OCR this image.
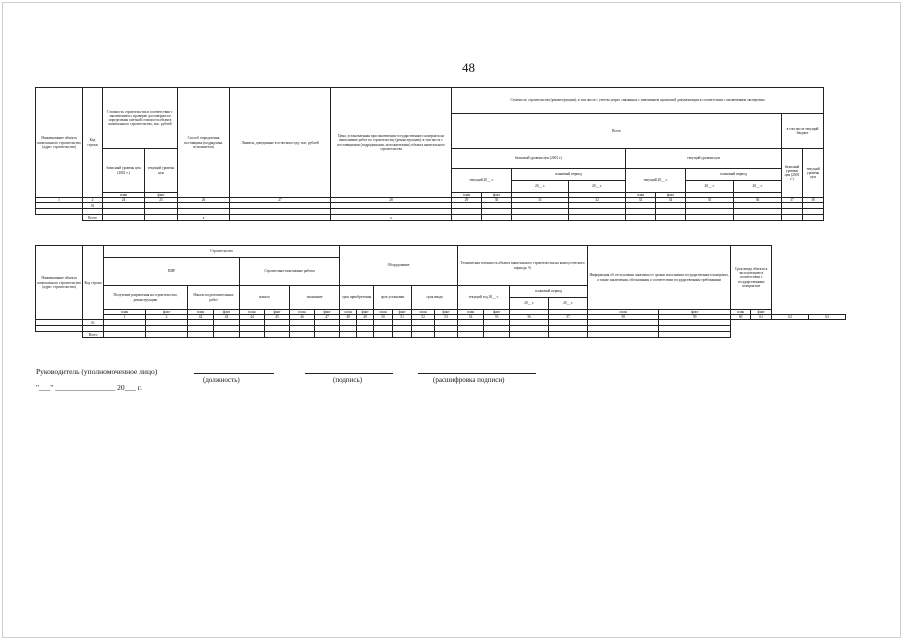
48
Наименование объекта капитального строительства (адрес строительства)	Код строки	Стоимость строительства в соответствии с заключением о проверке достоверности определения сметной стоимости объекта капитального строительства, тыс. рублей		Способ определения поставщика (подрядчика, исполнителя)	Лимиты, доведенные в отчетном году, тыс. рублей	Цена, установленная при заключении государственного контракта на выполнение работ по строительству (реконструкции), в том числе с поставщиками (подрядчиками, исполнителями) объекта капитального строительства	Стоимость строительства (реконструкции), в том числе с учетом затрат, связанных с изменением проектной документации в соответствии с заключением экспертизы									
							Всего								в том числе текущий бюджет	
		базисный уровень цен (2001 г.)	текущий уровень цен				базисный уровень цен (2001 г.)				текущий уровень цен				базисный уровень цен (2001 г.)	текущий уровень цен
							текущий 20__ г.		плановый период		текущий 20__ г.		плановый период			
									20__ г.	20__ г.			20__ г.	20__ г.		
		план	факт				план	факт			план	факт				
1	2	24	25	26	27	28	29	30	31	32	33	34	35	36	37	38
	01															

	Всего			x		x										
Наименование объекта капитального строительства (адрес строительства)	Код строки	Строительство								Оборудование						Техническая готовность объекта капитального строительства на конец отчетного периода, %				Информация об отступлении заказчика от сроков исполнения государственного контракта, а также заключения, обоснования о соответствии государственным требованиям		Срок ввода объекта в эксплуатацию в соответствии с государственным контрактом			
		ПИР				Строительно-монтажные работы																			
		Получение разрешения на строительство, реконструкцию		Начало подготовительных работ		начало		окончание		срок приобретения		срок установки		срок ввода		текущий год 20__ г.		плановый период							
																		20__ г.	20__ г.						
		план	факт	план	факт	план	факт	план	факт	план	факт	план	факт	план	факт	план	факт			план	факт	план	факт		
		1	2	42	43	44	45	46	47	48	49	50	51	52	53	54	55	56	57	58	59	60	61	62	63
	01																								

	Всего																								
Руководитель (уполномоченное лицо)
(должность)	(подпись)	(расшифровка подписи)
"___" ________________ 20___ г.
